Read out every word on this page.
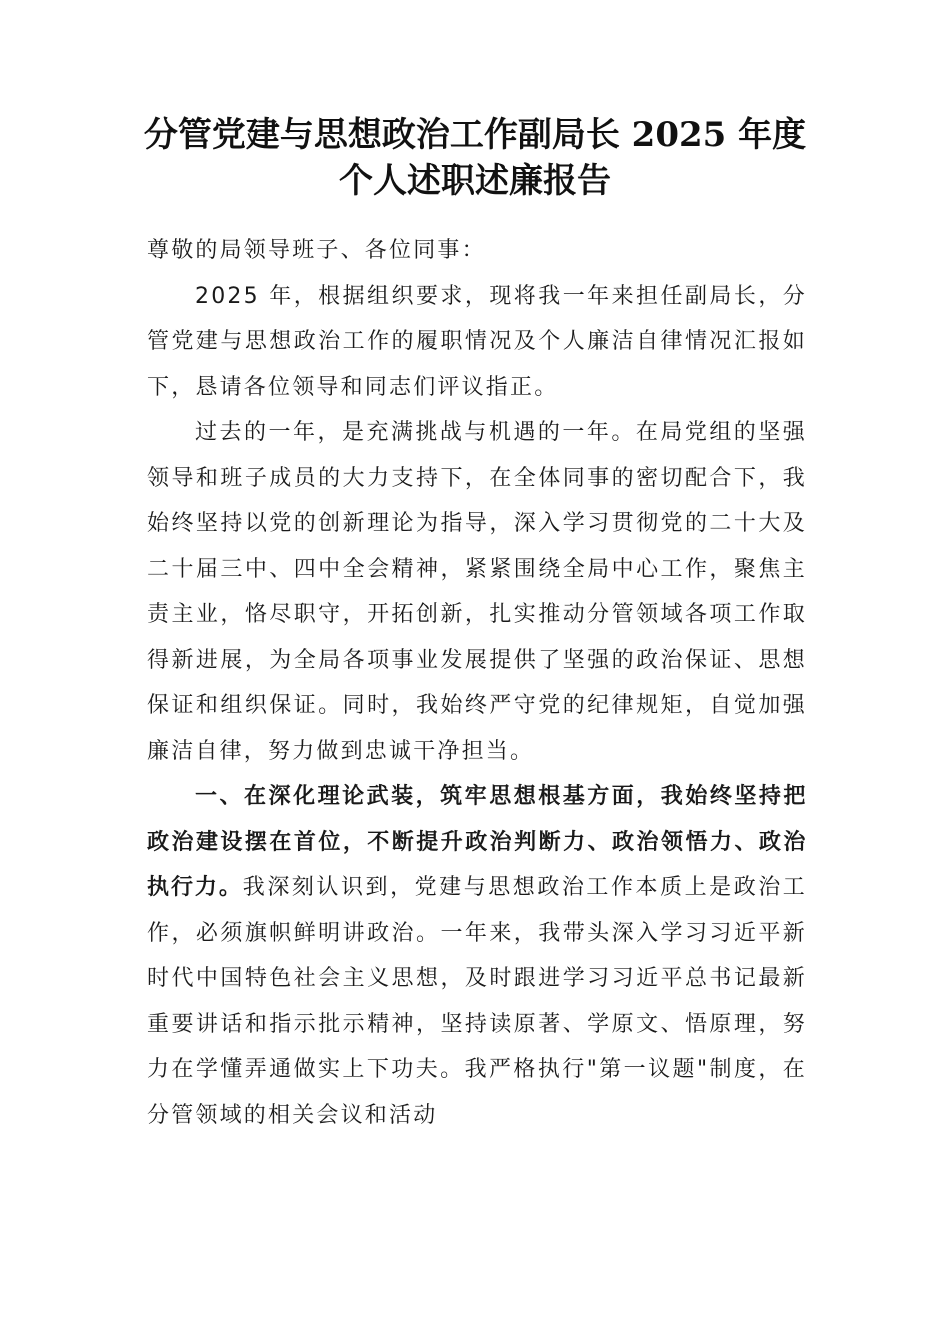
分管党建与思想政治工作副局长 2025 年度
个人述职述廉报告

尊敬的局领导班子、各位同事：

2025 年，根据组织要求，现将我一年来担任副局长，分管党建与思想政治工作的履职情况及个人廉洁自律情况汇报如下，恳请各位领导和同志们评议指正。

过去的一年，是充满挑战与机遇的一年。在局党组的坚强领导和班子成员的大力支持下，在全体同事的密切配合下，我始终坚持以党的创新理论为指导，深入学习贯彻党的二十大及二十届三中、四中全会精神，紧紧围绕全局中心工作，聚焦主责主业，恪尽职守，开拓创新，扎实推动分管领域各项工作取得新进展，为全局各项事业发展提供了坚强的政治保证、思想保证和组织保证。同时，我始终严守党的纪律规矩，自觉加强廉洁自律，努力做到忠诚干净担当。

一、在深化理论武装，筑牢思想根基方面，我始终坚持把政治建设摆在首位，不断提升政治判断力、政治领悟力、政治执行力。我深刻认识到，党建与思想政治工作本质上是政治工作，必须旗帜鲜明讲政治。一年来，我带头深入学习习近平新时代中国特色社会主义思想，及时跟进学习习近平总书记最新重要讲话和指示批示精神，坚持读原著、学原文、悟原理，努力在学懂弄通做实上下功夫。我严格执行"第一议题"制度，在分管领域的相关会议和活动
